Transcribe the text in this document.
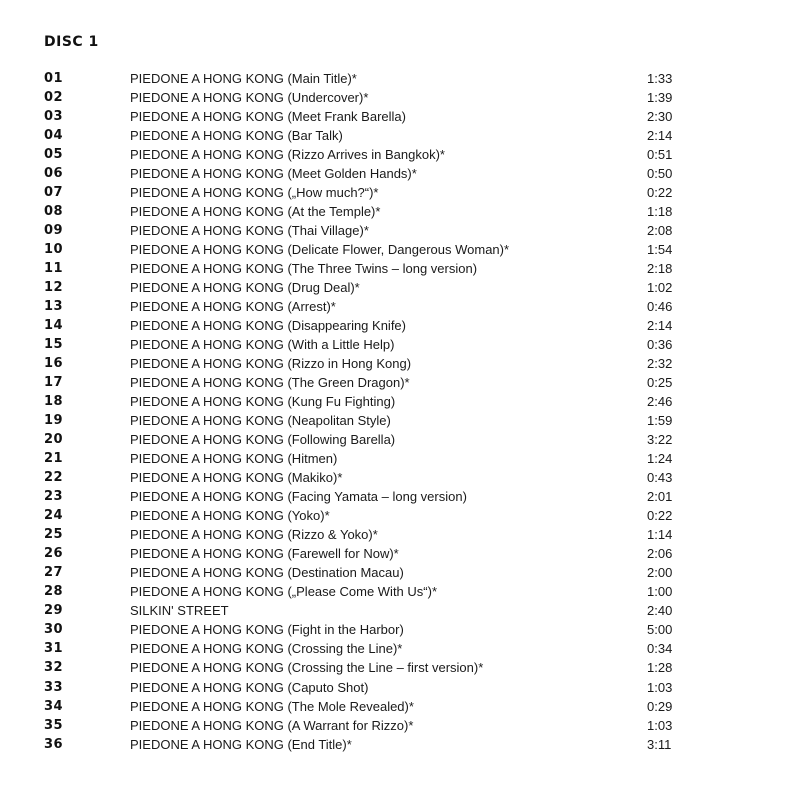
DISC 1
01	PIEDONE A HONG KONG (Main Title)*	1:33
02	PIEDONE A HONG KONG (Undercover)*	1:39
03	PIEDONE A HONG KONG (Meet Frank Barella)	2:30
04	PIEDONE A HONG KONG (Bar Talk)	2:14
05	PIEDONE A HONG KONG (Rizzo Arrives in Bangkok)*	0:51
06	PIEDONE A HONG KONG (Meet Golden Hands)*	0:50
07	PIEDONE A HONG KONG („How much?“)*	0:22
08	PIEDONE A HONG KONG (At the Temple)*	1:18
09	PIEDONE A HONG KONG (Thai Village)*	2:08
10	PIEDONE A HONG KONG (Delicate Flower, Dangerous Woman)*	1:54
11	PIEDONE A HONG KONG (The Three Twins – long version)	2:18
12	PIEDONE A HONG KONG (Drug Deal)*	1:02
13	PIEDONE A HONG KONG (Arrest)*	0:46
14	PIEDONE A HONG KONG (Disappearing Knife)	2:14
15	PIEDONE A HONG KONG (With a Little Help)	0:36
16	PIEDONE A HONG KONG (Rizzo in Hong Kong)	2:32
17	PIEDONE A HONG KONG (The Green Dragon)*	0:25
18	PIEDONE A HONG KONG (Kung Fu Fighting)	2:46
19	PIEDONE A HONG KONG (Neapolitan Style)	1:59
20	PIEDONE A HONG KONG (Following Barella)	3:22
21	PIEDONE A HONG KONG (Hitmen)	1:24
22	PIEDONE A HONG KONG (Makiko)*	0:43
23	PIEDONE A HONG KONG (Facing Yamata – long version)	2:01
24	PIEDONE A HONG KONG (Yoko)*	0:22
25	PIEDONE A HONG KONG (Rizzo & Yoko)*	1:14
26	PIEDONE A HONG KONG (Farewell for Now)*	2:06
27	PIEDONE A HONG KONG (Destination Macau)	2:00
28	PIEDONE A HONG KONG („Please Come With Us“)*	1:00
29	SILKIN' STREET	2:40
30	PIEDONE A HONG KONG (Fight in the Harbor)	5:00
31	PIEDONE A HONG KONG (Crossing the Line)*	0:34
32	PIEDONE A HONG KONG (Crossing the Line – first version)*	1:28
33	PIEDONE A HONG KONG (Caputo Shot)	1:03
34	PIEDONE A HONG KONG (The Mole Revealed)*	0:29
35	PIEDONE A HONG KONG (A Warrant for Rizzo)*	1:03
36	PIEDONE A HONG KONG (End Title)*	3:11
